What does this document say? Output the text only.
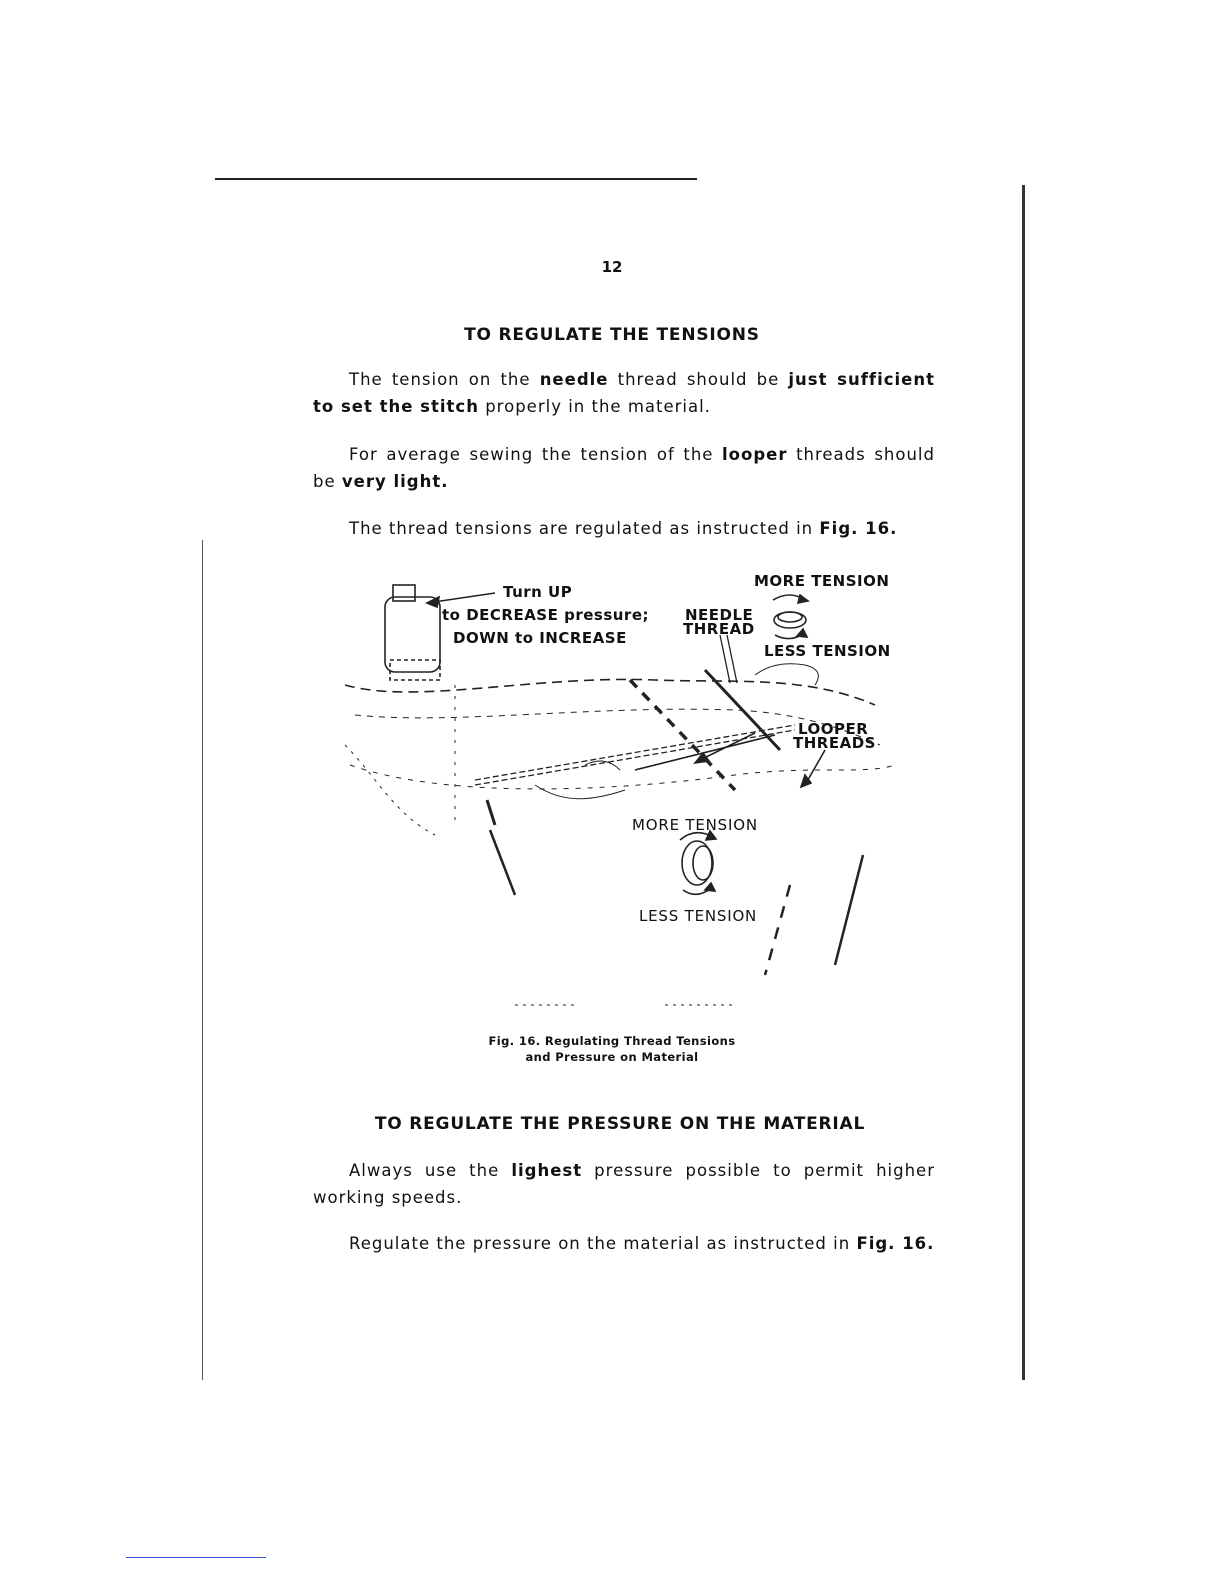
12
TO REGULATE THE TENSIONS
The tension on the needle thread should be just sufficient to set the stitch properly in the material.
For average sewing the tension of the looper threads should be very light.
The thread tensions are regulated as instructed in Fig. 16.
Turn UP
to DECREASE pressure;
DOWN to INCREASE
MORE TENSION
NEEDLE
THREAD
LESS TENSION
LOOPER
THREADS
MORE TENSION
LESS TENSION
Fig. 16. Regulating Thread Tensions
and Pressure on Material
TO REGULATE THE PRESSURE ON THE MATERIAL
Always use the lighest pressure possible to permit higher working speeds.
Regulate the pressure on the material as instructed in Fig. 16.
